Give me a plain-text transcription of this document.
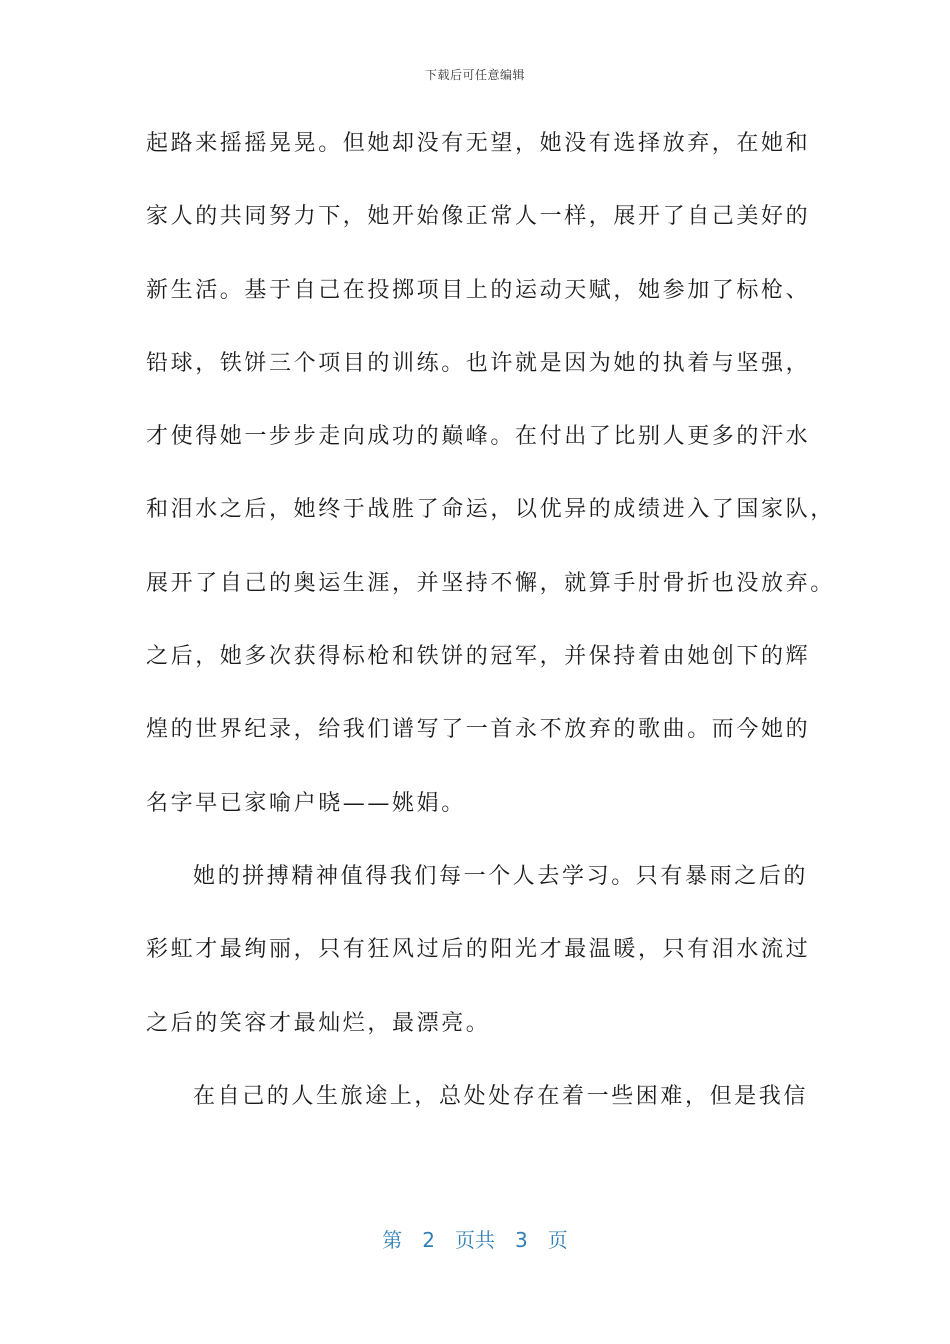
下载后可任意编辑
起路来摇摇晃晃。但她却没有无望，她没有选择放弃，在她和
家人的共同努力下，她开始像正常人一样，展开了自己美好的
新生活。基于自己在投掷项目上的运动天赋，她参加了标枪、
铅球，铁饼三个项目的训练。也许就是因为她的执着与坚强，
才使得她一步步走向成功的巅峰。在付出了比别人更多的汗水
和泪水之后，她终于战胜了命运，以优异的成绩进入了国家队，
展开了自己的奥运生涯，并坚持不懈，就算手肘骨折也没放弃。
之后，她多次获得标枪和铁饼的冠军，并保持着由她创下的辉
煌的世界纪录，给我们谱写了一首永不放弃的歌曲。而今她的
名字早已家喻户晓——姚娟。
她的拼搏精神值得我们每一个人去学习。只有暴雨之后的
彩虹才最绚丽，只有狂风过后的阳光才最温暖，只有泪水流过
之后的笑容才最灿烂，最漂亮。
在自己的人生旅途上，总处处存在着一些困难，但是我信
第 2 页共 3 页
